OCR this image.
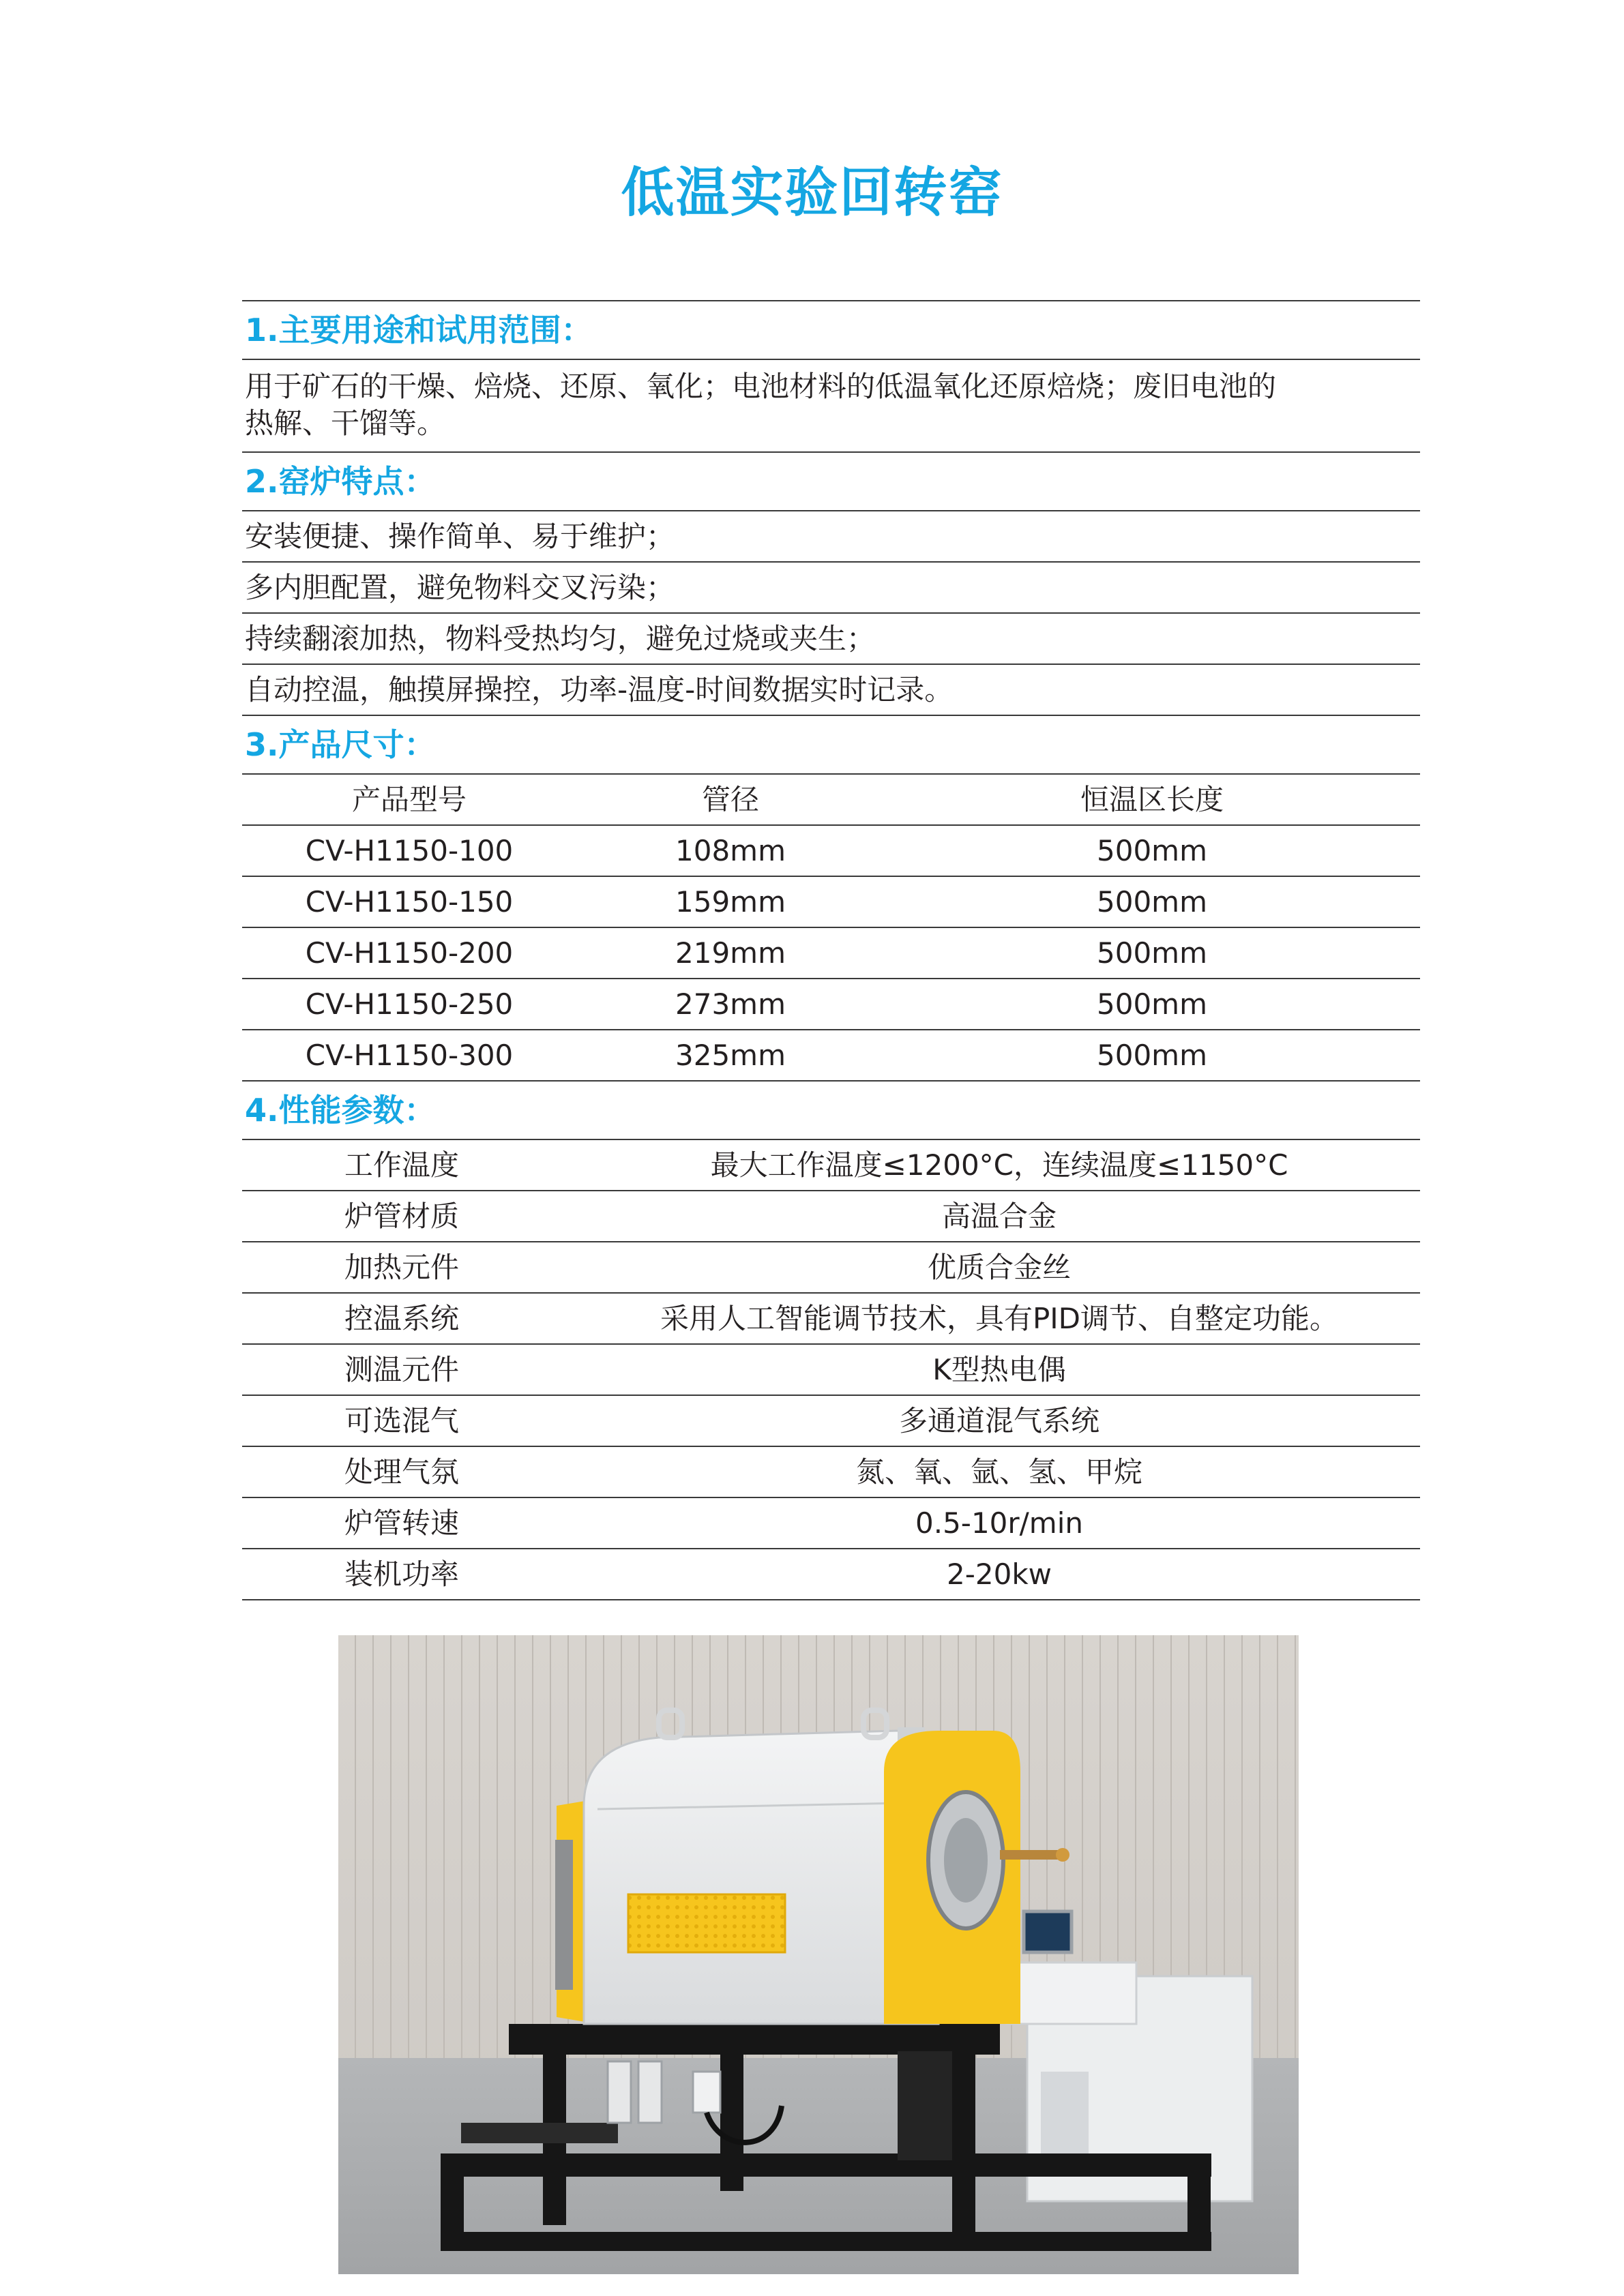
低温实验回转窑
1.主要用途和试用范围：
用于矿石的干燥、焙烧、还原、氧化；电池材料的低温氧化还原焙烧；废旧电池的
热解、干馏等。
2.窑炉特点：
安装便捷、操作简单、易于维护；
多内胆配置，避免物料交叉污染；
持续翻滚加热，物料受热均匀，避免过烧或夹生；
自动控温，触摸屏操控，功率-温度-时间数据实时记录。
3.产品尺寸：
产品型号	管径	恒温区长度
CV-H1150-100	108mm	500mm
CV-H1150-150	159mm	500mm
CV-H1150-200	219mm	500mm
CV-H1150-250	273mm	500mm
CV-H1150-300	325mm	500mm
4.性能参数：
工作温度	最大工作温度≤1200°C，连续温度≤1150°C
炉管材质	高温合金
加热元件	优质合金丝
控温系统	采用人工智能调节技术，具有PID调节、自整定功能。
测温元件	K型热电偶
可选混气	多通道混气系统
处理气氛	氮、氧、氩、氢、甲烷
炉管转速	0.5-10r/min
装机功率	2-20kw
